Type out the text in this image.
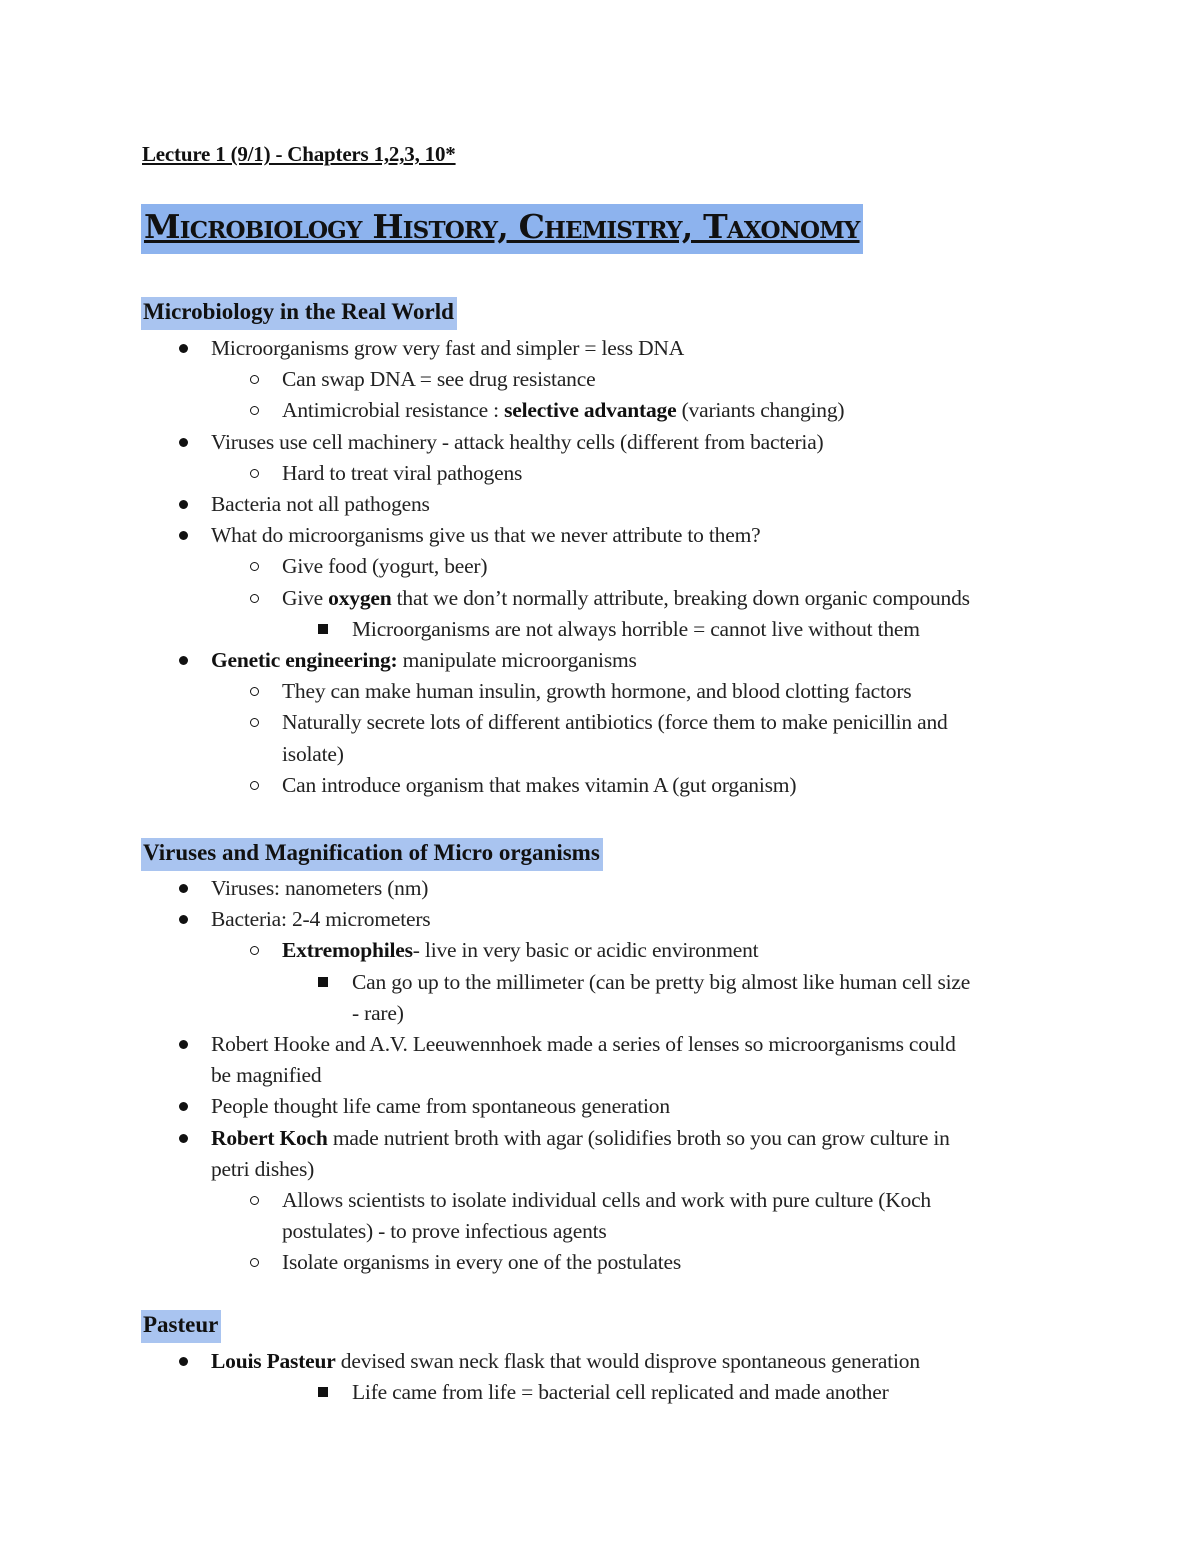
Lecture 1 (9/1) - Chapters 1,2,3, 10*
Microbiology History, Chemistry, Taxonomy
Microbiology in the Real World
Microorganisms grow very fast and simpler = less DNA
Can swap DNA = see drug resistance
Antimicrobial resistance : selective advantage (variants changing)
Viruses use cell machinery - attack healthy cells (different from bacteria)
Hard to treat viral pathogens
Bacteria not all pathogens
What do microorganisms give us that we never attribute to them?
Give food (yogurt, beer)
Give oxygen that we don’t normally attribute, breaking down organic compounds
Microorganisms are not always horrible = cannot live without them
Genetic engineering: manipulate microorganisms
They can make human insulin, growth hormone, and blood clotting factors
Naturally secrete lots of different antibiotics (force them to make penicillin and
isolate)
Can introduce organism that makes vitamin A (gut organism)
Viruses and Magnification of Micro organisms
Viruses: nanometers (nm)
Bacteria: 2-4 micrometers
Extremophiles- live in very basic or acidic environment
Can go up to the millimeter (can be pretty big almost like human cell size
- rare)
Robert Hooke and A.V. Leeuwennhoek made a series of lenses so microorganisms could
be magnified
People thought life came from spontaneous generation
Robert Koch made nutrient broth with agar (solidifies broth so you can grow culture in
petri dishes)
Allows scientists to isolate individual cells and work with pure culture (Koch
postulates) - to prove infectious agents
Isolate organisms in every one of the postulates
Pasteur
Louis Pasteur devised swan neck flask that would disprove spontaneous generation
Life came from life = bacterial cell replicated and made another
